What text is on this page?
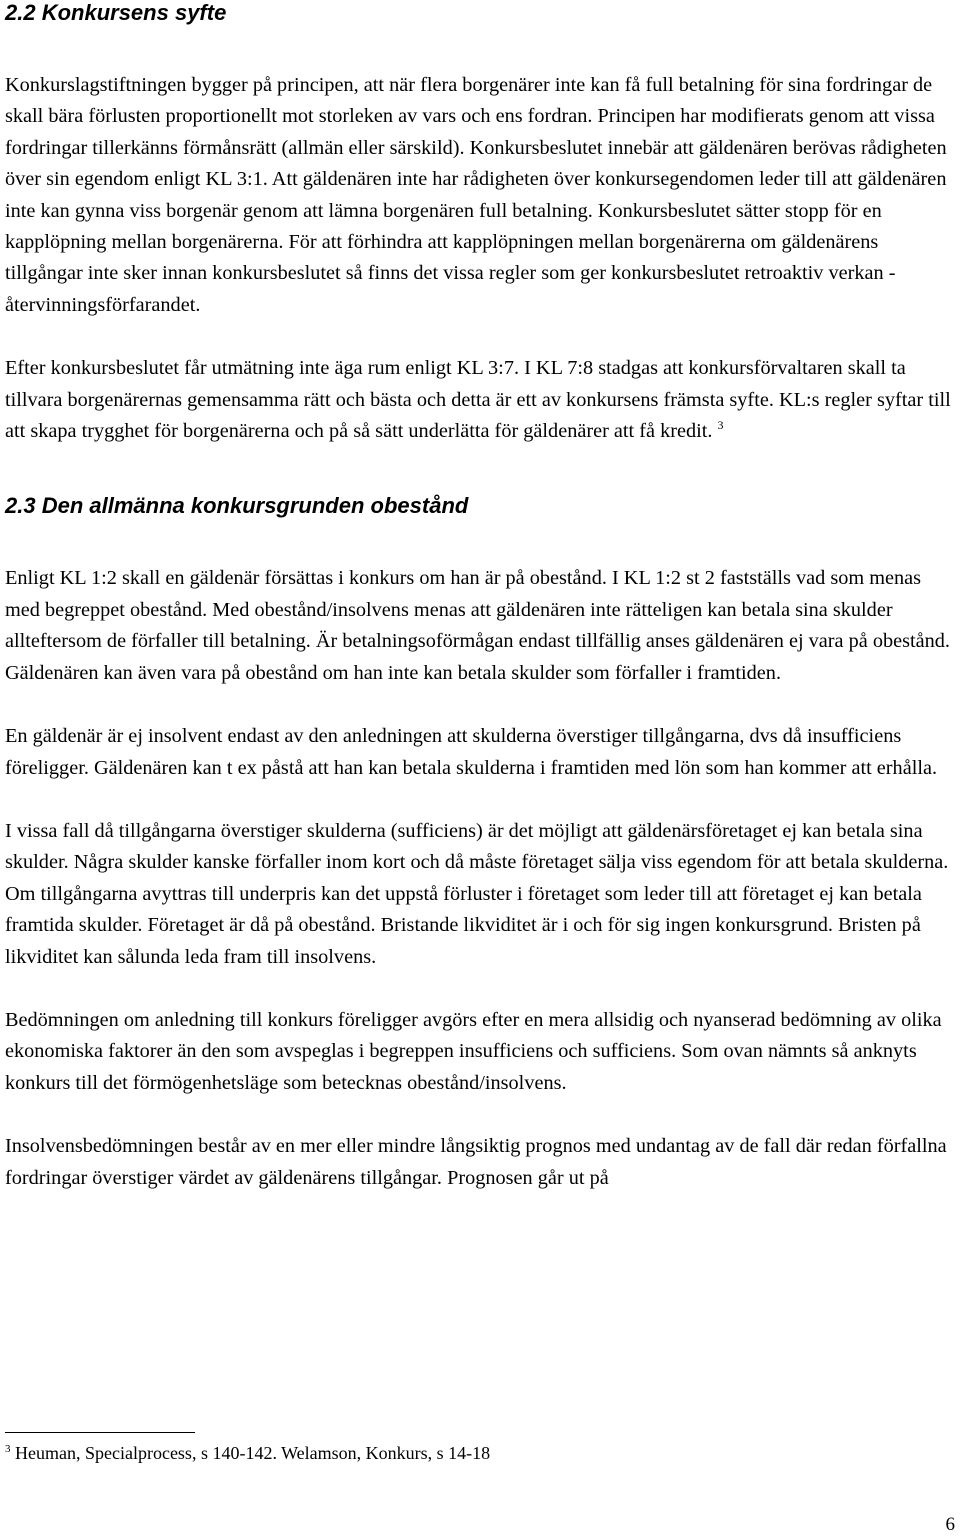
2.2 Konkursens syfte

Konkurslagstiftningen bygger på principen, att när flera borgenärer inte kan få full betalning för sina fordringar de skall bära förlusten proportionellt mot storleken av vars och ens fordran. Principen har modifierats genom att vissa fordringar tillerkänns förmånsrätt (allmän eller särskild). Konkursbeslutet innebär att gäldenären berövas rådigheten över sin egendom enligt KL 3:1. Att gäldenären inte har rådigheten över konkursegendomen leder till att gäldenären inte kan gynna viss borgenär genom att lämna borgenären full betalning. Konkursbeslutet sätter stopp för en kapplöpning mellan borgenärerna. För att förhindra att kapplöpningen mellan borgenärerna om gäldenärens tillgångar inte sker innan konkursbeslutet så finns det vissa regler som ger konkursbeslutet retroaktiv verkan - återvinningsförfarandet.

Efter konkursbeslutet får utmätning inte äga rum enligt KL 3:7. I KL 7:8 stadgas att konkursförvaltaren skall ta tillvara borgenärernas gemensamma rätt och bästa och detta är ett av konkursens främsta syfte. KL:s regler syftar till att skapa trygghet för borgenärerna och på så sätt underlätta för gäldenärer att få kredit. $^3$

2.3 Den allmänna konkursgrunden obestånd

Enligt KL 1:2 skall en gäldenär försättas i konkurs om han är på obestånd. I KL 1:2 st 2 fastställs vad som menas med begreppet obestånd. Med obestånd/insolvens menas att gäldenären inte rätteligen kan betala sina skulder allteftersom de förfaller till betalning. Är betalningsoförmågan endast tillfällig anses gäldenären ej vara på obestånd. Gäldenären kan även vara på obestånd om han inte kan betala skulder som förfaller i framtiden.

En gäldenär är ej insolvent endast av den anledningen att skulderna överstiger tillgångarna, dvs då insufficiens föreligger. Gäldenären kan t ex påstå att han kan betala skulderna i framtiden med lön som han kommer att erhålla.

I vissa fall då tillgångarna överstiger skulderna (sufficiens) är det möjligt att gäldenärsföretaget ej kan betala sina skulder. Några skulder kanske förfaller inom kort och då måste företaget sälja viss egendom för att betala skulderna. Om tillgångarna avyttras till underpris kan det uppstå förluster i företaget som leder till att företaget ej kan betala framtida skulder. Företaget är då på obestånd. Bristande likviditet är i och för sig ingen konkursgrund. Bristen på likviditet kan sålunda leda fram till insolvens.

Bedömningen om anledning till konkurs föreligger avgörs efter en mera allsidig och nyanserad bedömning av olika ekonomiska faktorer än den som avspeglas i begreppen insufficiens och sufficiens. Som ovan nämnts så anknyts konkurs till det förmögenhetsläge som betecknas obestånd/insolvens.

Insolvensbedömningen består av en mer eller mindre långsiktig prognos med undantag av de fall där redan förfallna fordringar överstiger värdet av gäldenärens tillgångar. Prognosen går ut på

$^3$ Heuman, Specialprocess, s 140-142. Welamson, Konkurs, s 14-18
6
